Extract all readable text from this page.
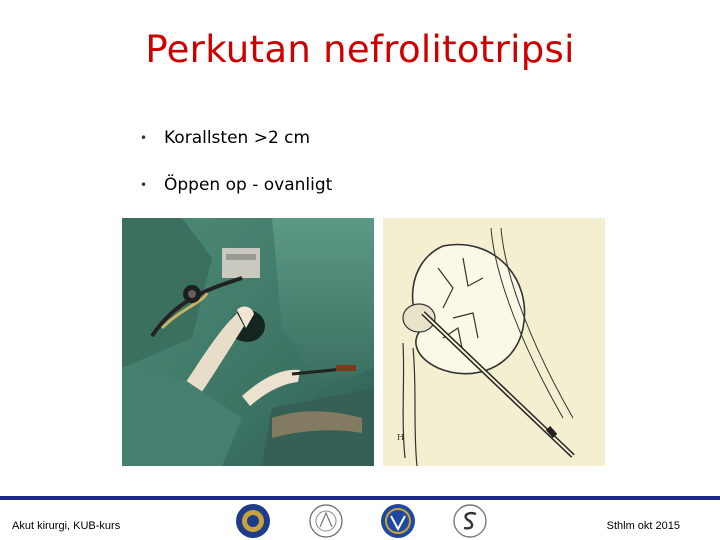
Perkutan nefrolitotripsi
• Korallsten >2 cm
• Öppen op - ovanligt
H
Akut kirurgi, KUB-kurs	Sthlm okt 2015
